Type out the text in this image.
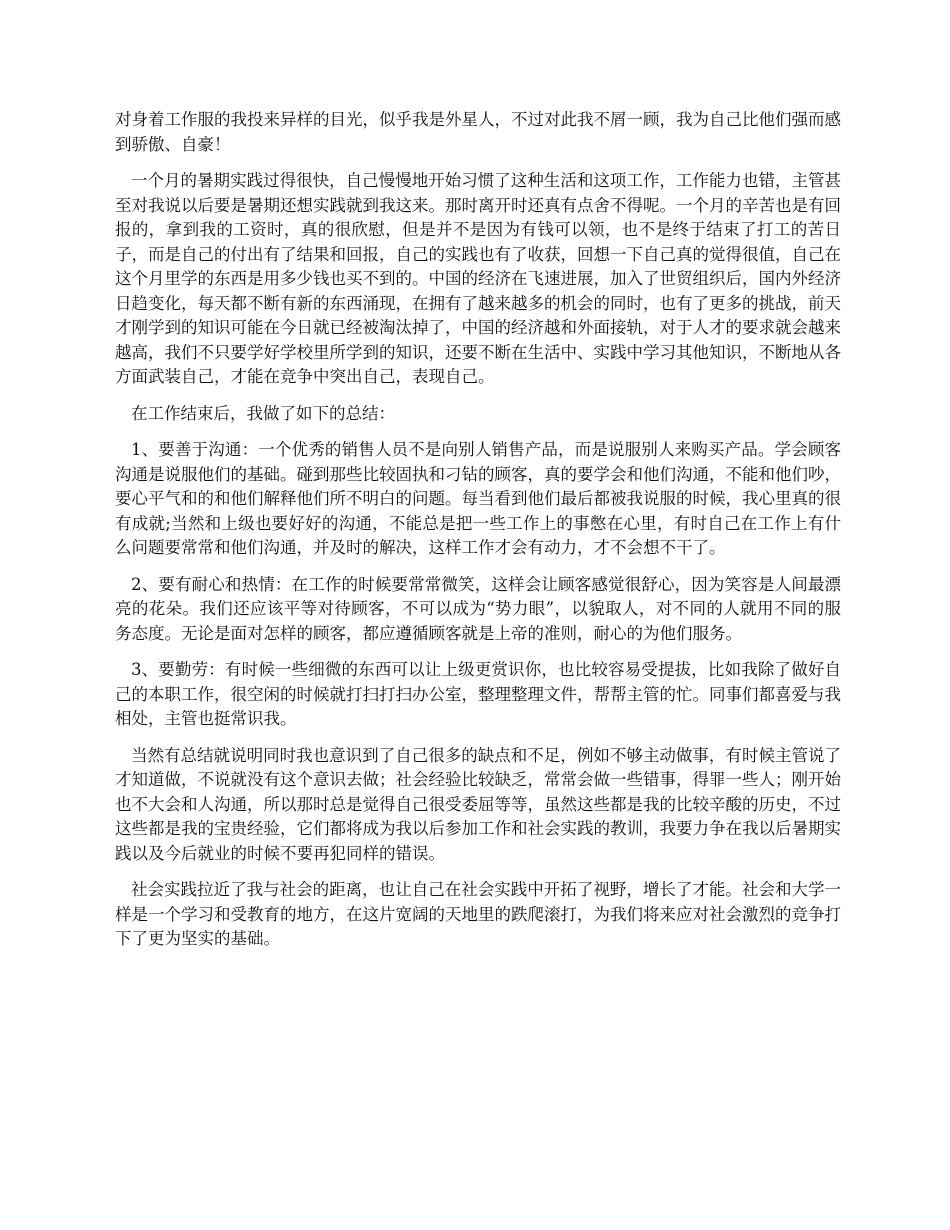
对身着工作服的我投来异样的目光，似乎我是外星人，不过对此我不屑一顾，我为自己比他们强而感到骄傲、自豪！

一个月的暑期实践过得很快，自己慢慢地开始习惯了这种生活和这项工作，工作能力也错，主管甚至对我说以后要是暑期还想实践就到我这来。那时离开时还真有点舍不得呢。一个月的辛苦也是有回报的，拿到我的工资时，真的很欣慰，但是并不是因为有钱可以领，也不是终于结束了打工的苦日子，而是自己的付出有了结果和回报，自己的实践也有了收获，回想一下自己真的觉得很值，自己在这个月里学的东西是用多少钱也买不到的。中国的经济在飞速进展，加入了世贸组织后，国内外经济日趋变化，每天都不断有新的东西涌现，在拥有了越来越多的机会的同时，也有了更多的挑战，前天才刚学到的知识可能在今日就已经被淘汰掉了，中国的经济越和外面接轨，对于人才的要求就会越来越高，我们不只要学好学校里所学到的知识，还要不断在生活中、实践中学习其他知识，不断地从各方面武装自己，才能在竞争中突出自己，表现自己。

在工作结束后，我做了如下的总结：

1、要善于沟通：一个优秀的销售人员不是向别人销售产品，而是说服别人来购买产品。学会顾客沟通是说服他们的基础。碰到那些比较固执和刁钻的顾客，真的要学会和他们沟通，不能和他们吵，要心平气和的和他们解释他们所不明白的问题。每当看到他们最后都被我说服的时候，我心里真的很有成就;当然和上级也要好好的沟通，不能总是把一些工作上的事憋在心里，有时自己在工作上有什么问题要常常和他们沟通，并及时的解决，这样工作才会有动力，才不会想不干了。

2、要有耐心和热情：在工作的时候要常常微笑，这样会让顾客感觉很舒心，因为笑容是人间最漂亮的花朵。我们还应该平等对待顾客，不可以成为“势力眼”，以貌取人，对不同的人就用不同的服务态度。无论是面对怎样的顾客，都应遵循顾客就是上帝的准则，耐心的为他们服务。

3、要勤劳：有时候一些细微的东西可以让上级更赏识你，也比较容易受提拔，比如我除了做好自己的本职工作，很空闲的时候就打扫打扫办公室，整理整理文件，帮帮主管的忙。同事们都喜爱与我相处，主管也挺常识我。

当然有总结就说明同时我也意识到了自己很多的缺点和不足，例如不够主动做事，有时候主管说了才知道做，不说就没有这个意识去做；社会经验比较缺乏，常常会做一些错事，得罪一些人；刚开始也不大会和人沟通，所以那时总是觉得自己很受委屈等等，虽然这些都是我的比较辛酸的历史，不过这些都是我的宝贵经验，它们都将成为我以后参加工作和社会实践的教训，我要力争在我以后暑期实践以及今后就业的时候不要再犯同样的错误。

社会实践拉近了我与社会的距离，也让自己在社会实践中开拓了视野，增长了才能。社会和大学一样是一个学习和受教育的地方，在这片宽阔的天地里的跌爬滚打，为我们将来应对社会激烈的竞争打下了更为坚实的基础。
